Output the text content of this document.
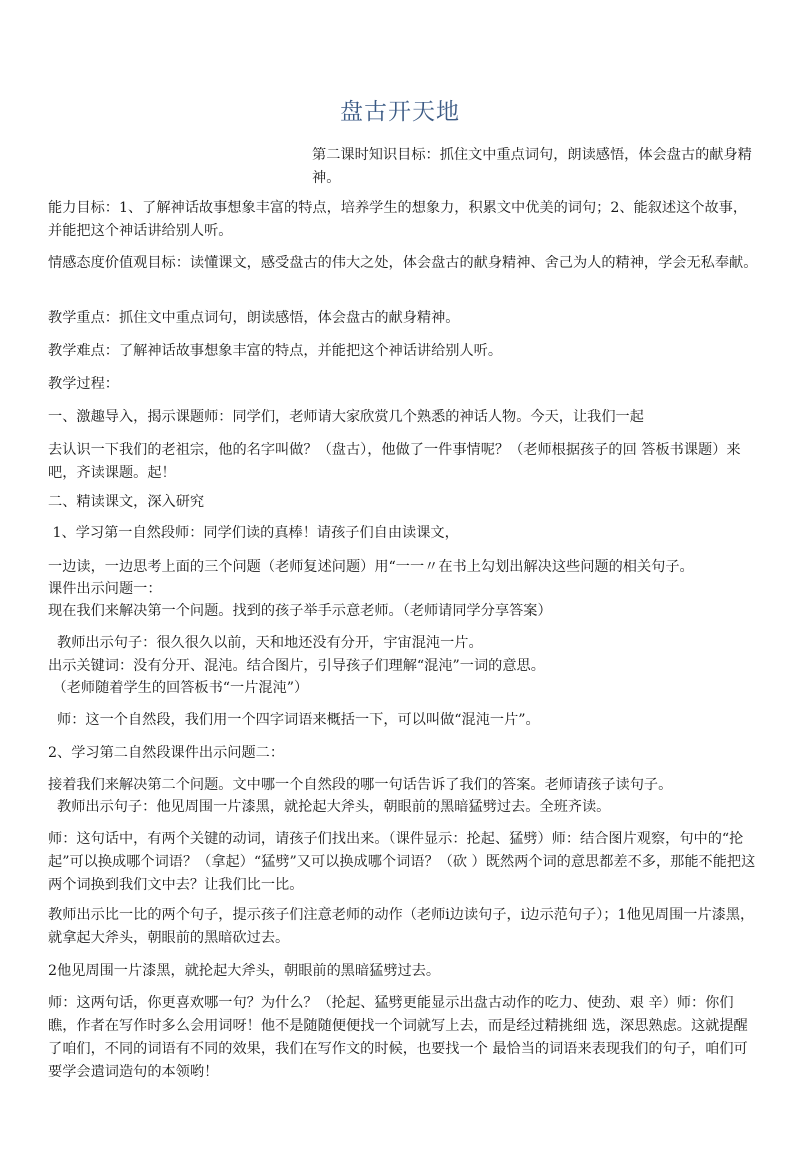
盘古开天地

第二课时知识目标：抓住文中重点词句，朗读感悟，体会盘古的献身精神。

能力目标：1、了解神话故事想象丰富的特点，培养学生的想象力，积累文中优美的词句；2、能叙述这个故事，并能把这个神话讲给别人听。

情感态度价值观目标：读懂课文，感受盘古的伟大之处，体会盘古的献身精神、舍己为人的精神，学会无私奉献。

教学重点：抓住文中重点词句，朗读感悟，体会盘古的献身精神。

教学难点：了解神话故事想象丰富的特点，并能把这个神话讲给别人听。

教学过程：

一、激趣导入，揭示课题师：同学们，老师请大家欣赏几个熟悉的神话人物。今天，让我们一起

去认识一下我们的老祖宗，他的名字叫做？（盘古），他做了一件事情呢？（老师根据孩子的回 答板书课题）来吧，齐读课题。起！

二、精读课文，深入研究

1、学习第一自然段师：同学们读的真棒！请孩子们自由读课文，

一边读，一边思考上面的三个问题（老师复述问题）用“一一〃在书上勾划出解决这些问题的相关句子。

课件出示问题一：

现在我们来解决第一个问题。找到的孩子举手示意老师。（老师请同学分享答案）

教师出示句子：很久很久以前，天和地还没有分开，宇宙混沌一片。

出示关键词：没有分开、混沌。结合图片，引导孩子们理解“混沌”一词的意思。

（老师随着学生的回答板书“一片混沌”）

师：这一个自然段，我们用一个四字词语来概括一下，可以叫做“混沌一片”。

2、学习第二自然段课件出示问题二：

接着我们来解决第二个问题。文中哪一个自然段的哪一句话告诉了我们的答案。老师请孩子读句子。

教师出示句子：他见周围一片漆黑，就抡起大斧头，朝眼前的黑暗猛劈过去。全班齐读。

师：这句话中，有两个关键的动词，请孩子们找出来。（课件显示：抡起、猛劈）师：结合图片观察，句中的“抡起”可以换成哪个词语？（拿起）“猛劈”又可以换成哪个词语？（砍 ）既然两个词的意思都差不多，那能不能把这两个词换到我们文中去？让我们比一比。

教师出示比一比的两个句子，提示孩子们注意老师的动作（老师i边读句子，i边示范句子）；1他见周围一片漆黑，就拿起大斧头，朝眼前的黑暗砍过去。

2他见周围一片漆黑，就抡起大斧头，朝眼前的黑暗猛劈过去。

师：这两句话，你更喜欢哪一句？为什么？（抡起、猛劈更能显示出盘古动作的吃力、使劲、艰 辛）师：你们瞧，作者在写作时多么会用词呀！他不是随随便便找一个词就写上去，而是经过精挑细 选，深思熟虑。这就提醒了咱们，不同的词语有不同的效果，我们在写作文的时候，也要找一个 最恰当的词语来表现我们的句子，咱们可要学会遣词造句的本领哟！
